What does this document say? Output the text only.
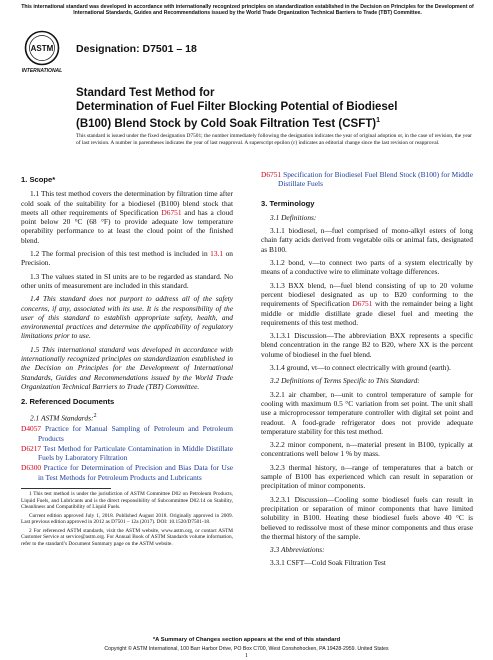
This international standard was developed in accordance with internationally recognized principles on standardization established in the Decision on Principles for the Development of International Standards, Guides and Recommendations issued by the World Trade Organization Technical Barriers to Trade (TBT) Committee.
ASTM
INTERNATIONAL
Designation: D7501 – 18
Standard Test Method for
Determination of Fuel Filter Blocking Potential of Biodiesel
(B100) Blend Stock by Cold Soak Filtration Test (CSFT)$^1$
This standard is issued under the fixed designation D7501; the number immediately following the designation indicates the year of original adoption or, in the case of revision, the year of last revision. A number in parentheses indicates the year of last reapproval. A superscript epsilon (ε) indicates an editorial change since the last revision or reapproval.
1. Scope*

1.1 This test method covers the determination by filtration time after cold soak of the suitability for a biodiesel (B100) blend stock that meets all other requirements of Specification D6751 and has a cloud point below 20 °C (68 °F) to provide adequate low temperature operability performance to at least the cloud point of the finished blend.

1.2 The formal precision of this test method is included in 13.1 on Precision.

1.3 The values stated in SI units are to be regarded as standard. No other units of measurement are included in this standard.

1.4 This standard does not purport to address all of the safety concerns, if any, associated with its use. It is the responsibility of the user of this standard to establish appropriate safety, health, and environmental practices and determine the applicability of regulatory limitations prior to use.

1.5 This international standard was developed in accordance with internationally recognized principles on standardization established in the Decision on Principles for the Development of International Standards, Guides and Recommendations issued by the World Trade Organization Technical Barriers to Trade (TBT) Committee.

2. Referenced Documents
2.1 ASTM Standards:$^2$
D4057 Practice for Manual Sampling of Petroleum and Petroleum Products
D6217 Test Method for Particulate Contamination in Middle Distillate Fuels by Laboratory Filtration
D6300 Practice for Determination of Precision and Bias Data for Use in Test Methods for Petroleum Products and Lubricants

1 This test method is under the jurisdiction of ASTM Committee D02 on Petroleum Products, Liquid Fuels, and Lubricants and is the direct responsibility of Subcommittee D02.14 on Stability, Cleanliness and Compatibility of Liquid Fuels.

Current edition approved July 1, 2018. Published August 2018. Originally approved in 2009. Last previous edition approved in 2012 as D7501 – 12a (2017). DOI: 10.1520/D7501-18.

2 For referenced ASTM standards, visit the ASTM website, www.astm.org, or contact ASTM Customer Service at service@astm.org. For Annual Book of ASTM Standards volume information, refer to the standard’s Document Summary page on the ASTM website.

D6751 Specification for Biodiesel Fuel Blend Stock (B100) for Middle Distillate Fuels
3. Terminology

3.1 Definitions:

3.1.1 biodiesel, n—fuel comprised of mono-alkyl esters of long chain fatty acids derived from vegetable oils or animal fats, designated as B100.

3.1.2 bond, v—to connect two parts of a system electrically by means of a conductive wire to eliminate voltage differences.

3.1.3 BXX blend, n—fuel blend consisting of up to 20 volume percent biodiesel designated as up to B20 conforming to the requirements of Specification D6751 with the remainder being a light middle or middle distillate grade diesel fuel and meeting the requirements of this test method.

3.1.3.1 Discussion—The abbreviation BXX represents a specific blend concentration in the range B2 to B20, where XX is the percent volume of biodiesel in the fuel blend.

3.1.4 ground, vt—to connect electrically with ground (earth).

3.2 Definitions of Terms Specific to This Standard:

3.2.1 air chamber, n—unit to control temperature of sample for cooling with maximum 0.5 °C variation from set point. The unit shall use a microprocessor temperature controller with digital set point and readout. A food-grade refrigerator does not provide adequate temperature stability for this test method.

3.2.2 minor component, n—material present in B100, typically at concentrations well below 1 % by mass.

3.2.3 thermal history, n—range of temperatures that a batch or sample of B100 has experienced which can result in separation or precipitation of minor components.

3.2.3.1 Discussion—Cooling some biodiesel fuels can result in precipitation or separation of minor components that have limited solubility in B100. Heating these biodiesel fuels above 40 °C is believed to redissolve most of these minor components and thus erase the thermal history of the sample.

3.3 Abbreviations:

3.3.1 CSFT—Cold Soak Filtration Test

*A Summary of Changes section appears at the end of this standard
Copyright © ASTM International, 100 Barr Harbor Drive, PO Box C700, West Conshohocken, PA 19428-2959. United States
1
